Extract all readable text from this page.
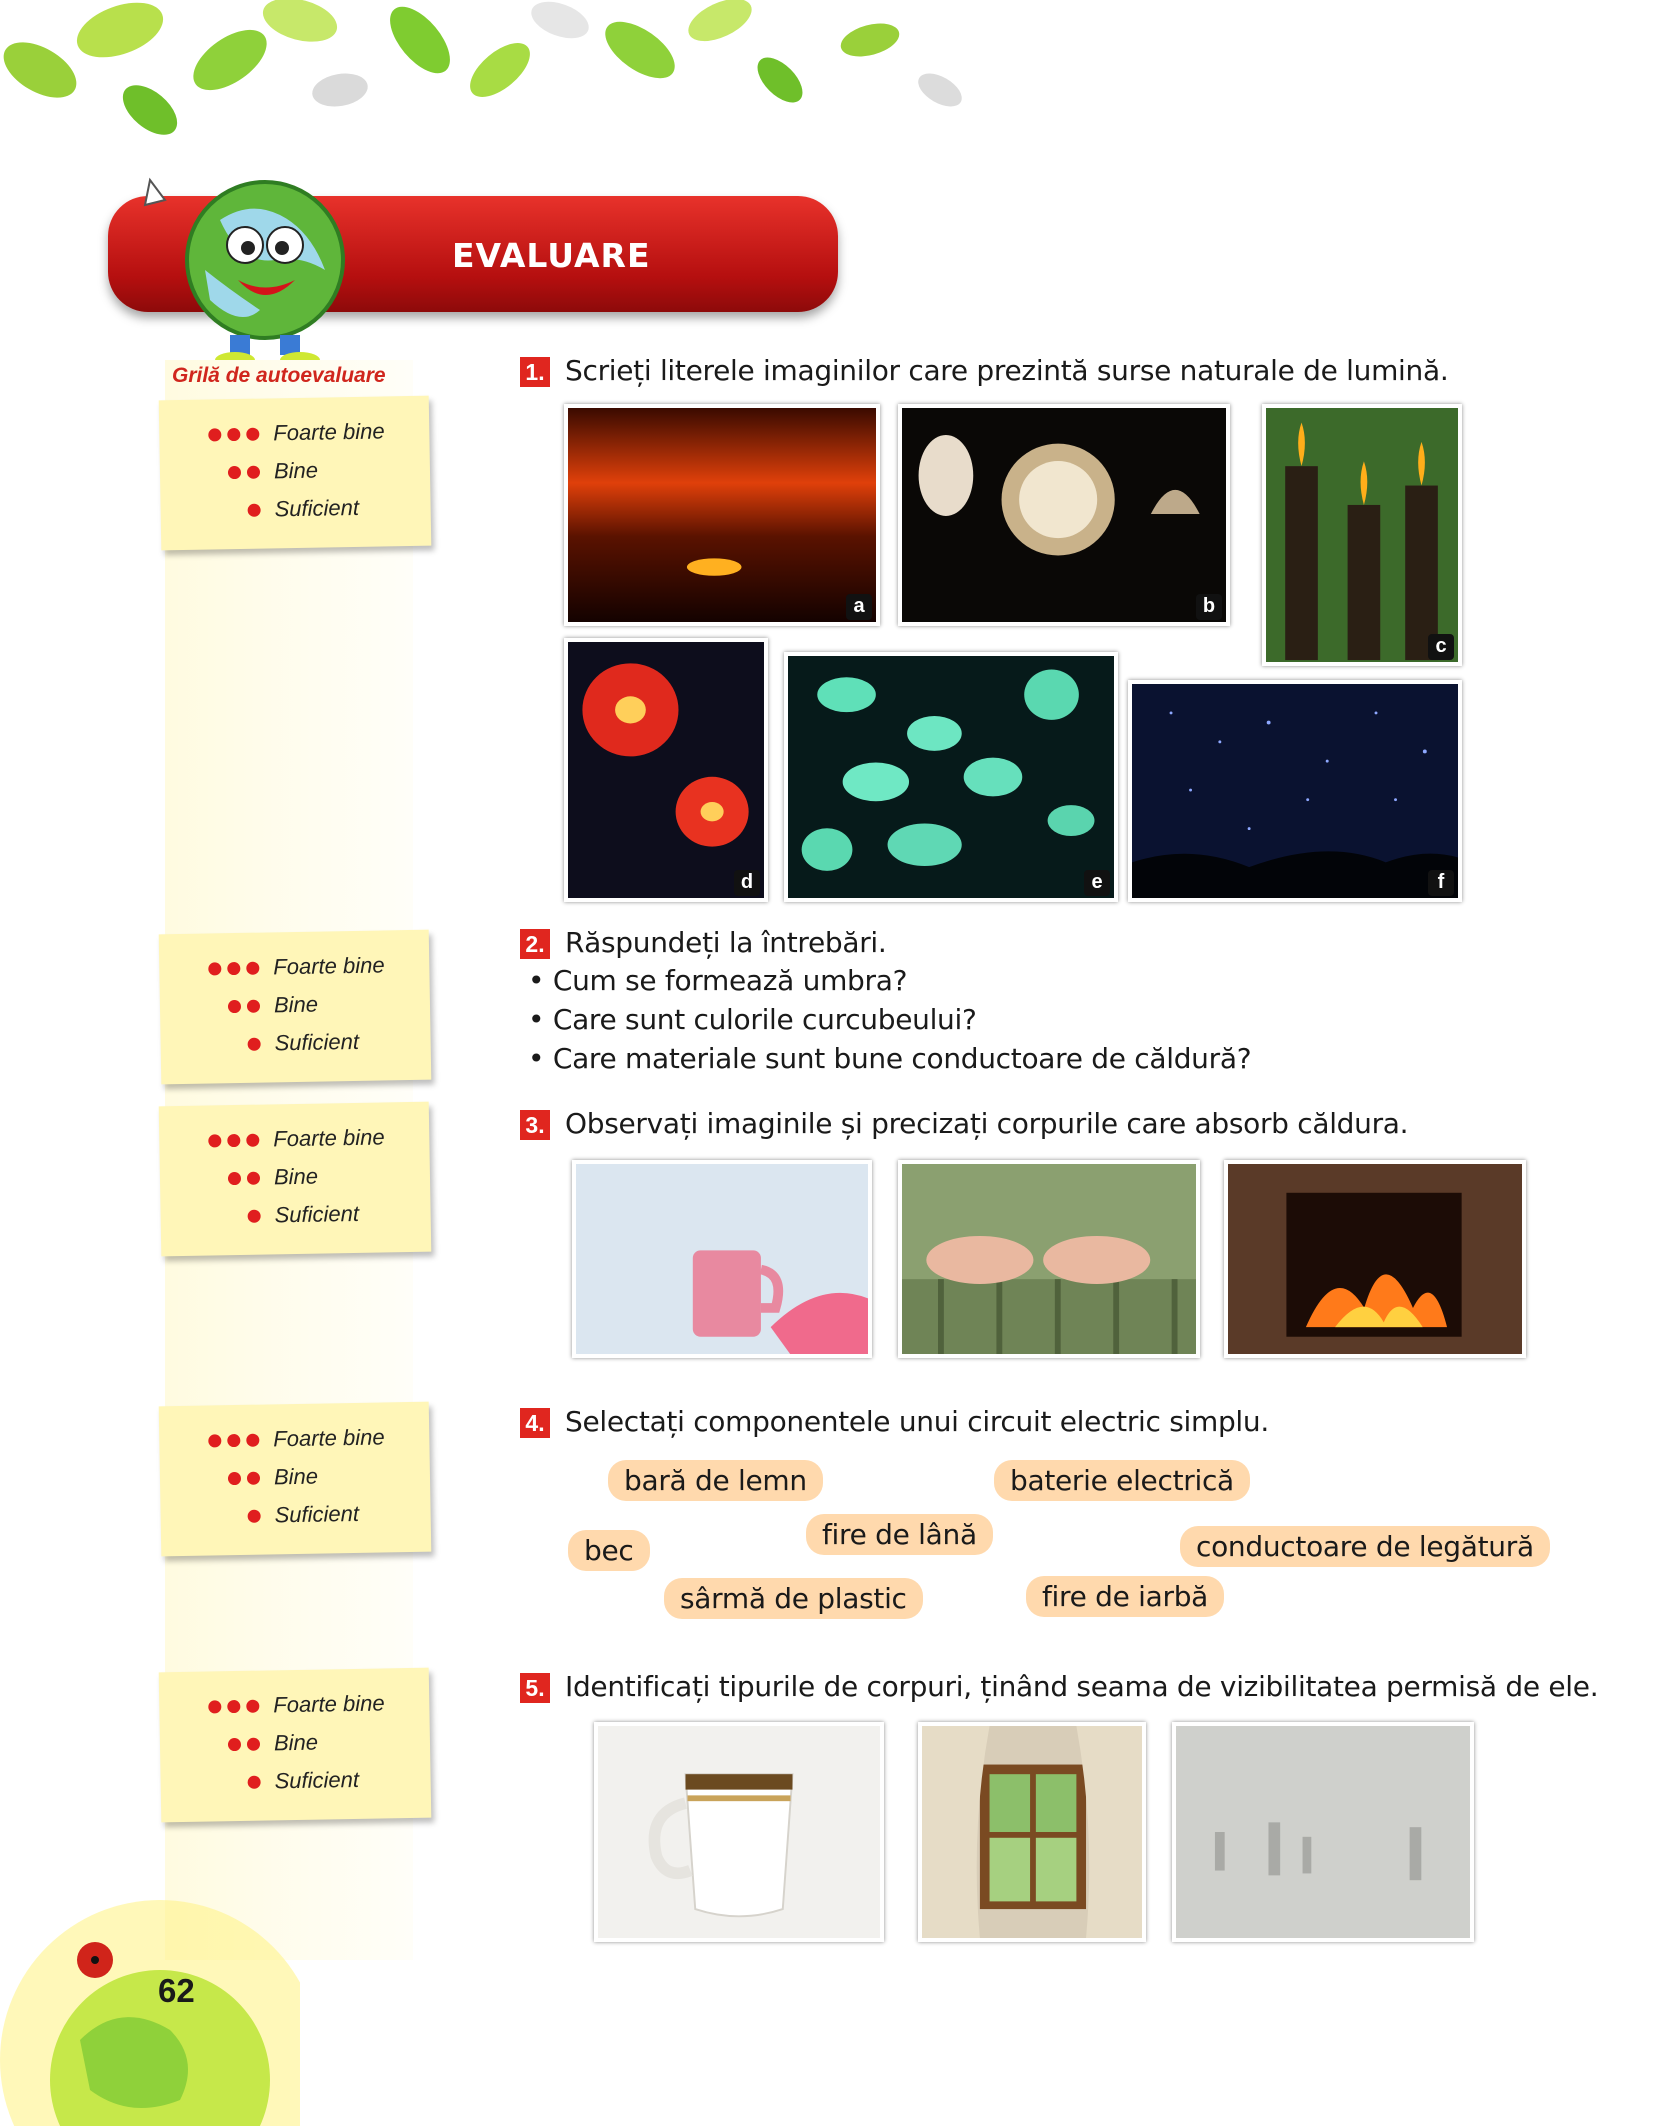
EVALUARE
Grilă de autoevaluare
Foarte bine
Bine
Suficient
Foarte bine
Bine
Suficient
Foarte bine
Bine
Suficient
Foarte bine
Bine
Suficient
Foarte bine
Bine
Suficient
1. Scrieți literele imaginilor care prezintă surse naturale de lumină.
a	b
c
d	e	f
2. Răspundeți la întrebări.
• Cum se formează umbra?
• Care sunt culorile curcubeului?
• Care materiale sunt bune conductoare de căldură?
3. Observați imaginile și precizați corpurile care absorb căldura.
4. Selectați componentele unui circuit electric simplu.
bară de lemn	baterie electrică
fire de lână
bec	conductoare de legătură
sârmă de plastic	fire de iarbă
5. Identificați tipurile de corpuri, ținând seama de vizibilitatea permisă de ele.
62
